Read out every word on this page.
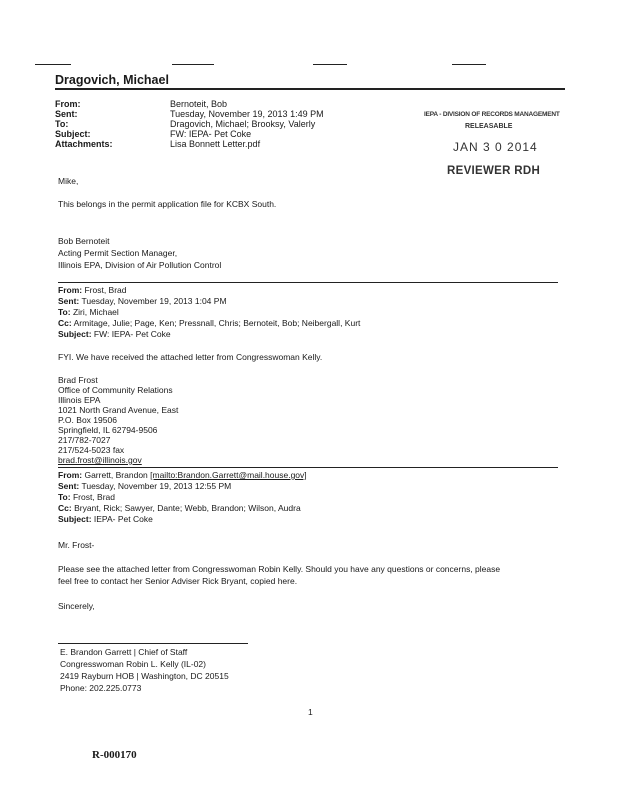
Dragovich, Michael
From:	Bernoteit, Bob
Sent:	Tuesday, November 19, 2013 1:49 PM
To:	Dragovich, Michael; Brooksy, Valerly
Subject:	FW: IEPA- Pet Coke
Attachments:	Lisa Bonnett Letter.pdf
IEPA - DIVISION OF RECORDS MANAGEMENT
RELEASABLE
JAN 3 0 2014
REVIEWER RDH
Mike,
This belongs in the permit application file for KCBX South.
Bob Bernoteit
Acting Permit Section Manager,
Illinois EPA, Division of Air Pollution Control
From: Frost, Brad
Sent: Tuesday, November 19, 2013 1:04 PM
To: Ziri, Michael
Cc: Armitage, Julie; Page, Ken; Pressnall, Chris; Bernoteit, Bob; Neibergall, Kurt
Subject: FW: IEPA- Pet Coke
FYI. We have received the attached letter from Congresswoman Kelly.
Brad Frost
Office of Community Relations
Illinois EPA
1021 North Grand Avenue, East
P.O. Box 19506
Springfield, IL 62794-9506
217/782-7027
217/524-5023 fax
brad.frost@illinois.gov
From: Garrett, Brandon [mailto:Brandon.Garrett@mail.house.gov]
Sent: Tuesday, November 19, 2013 12:55 PM
To: Frost, Brad
Cc: Bryant, Rick; Sawyer, Dante; Webb, Brandon; Wilson, Audra
Subject: IEPA- Pet Coke
Mr. Frost-
Please see the attached letter from Congresswoman Robin Kelly. Should you have any questions or concerns, please
feel free to contact her Senior Adviser Rick Bryant, copied here.
Sincerely,
E. Brandon Garrett | Chief of Staff
Congresswoman Robin L. Kelly (IL-02)
2419 Rayburn HOB | Washington, DC 20515
Phone: 202.225.0773
1
R-000170
